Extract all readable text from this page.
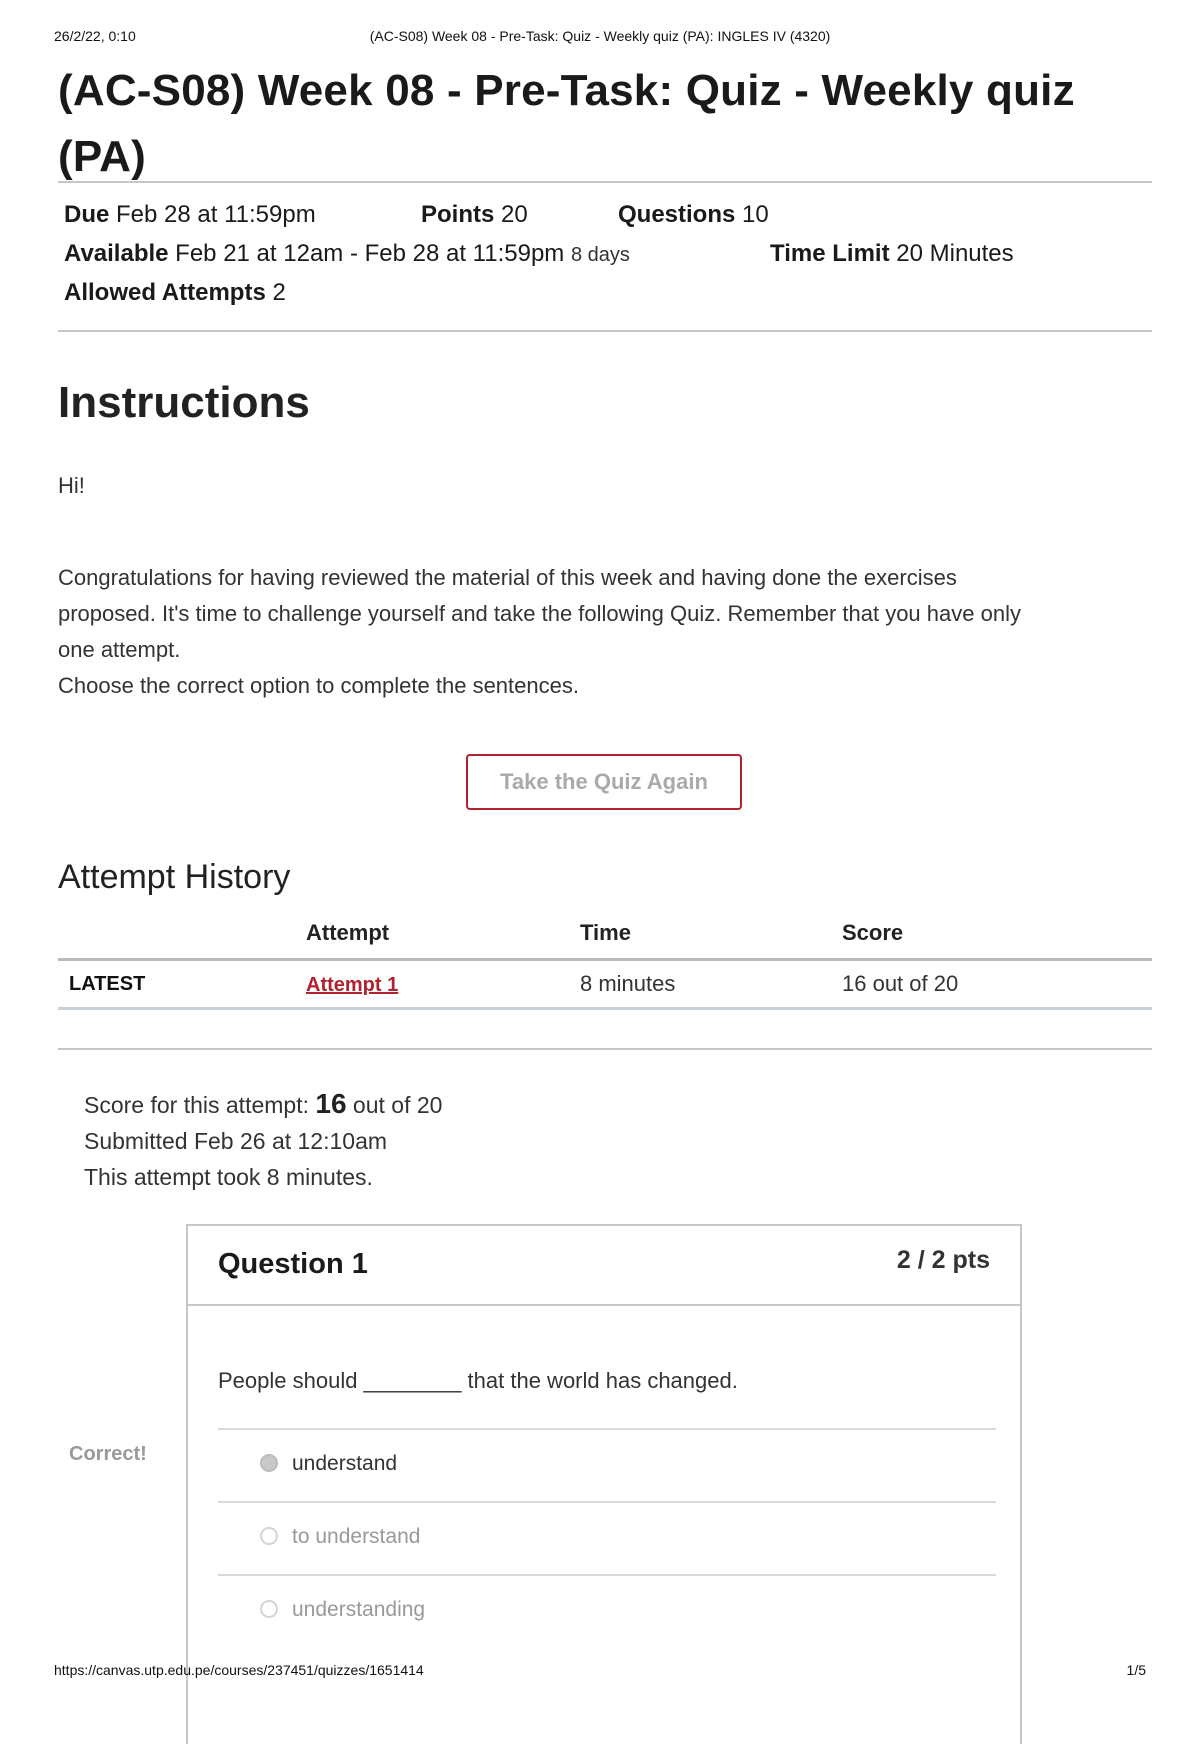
26/2/22, 0:10	(AC-S08) Week 08 - Pre-Task: Quiz - Weekly quiz (PA): INGLES IV (4320)
(AC-S08) Week 08 - Pre-Task: Quiz - Weekly quiz (PA)
Due Feb 28 at 11:59pm	Points 20	Questions 10
Available Feb 21 at 12am - Feb 28 at 11:59pm 8 days	Time Limit 20 Minutes
Allowed Attempts 2
Instructions
Hi!
Congratulations for having reviewed the material of this week and having done the exercises
proposed. It's time to challenge yourself and take the following Quiz. Remember that you have only
one attempt.
Choose the correct option to complete the sentences.
Take the Quiz Again
Attempt History
	Attempt	Time	Score
LATEST	Attempt 1	8 minutes	16 out of 20
Score for this attempt: 16 out of 20
Submitted Feb 26 at 12:10am
This attempt took 8 minutes.
Correct!
Question 1	2 / 2 pts
People should ________ that the world has changed.
understand
to understand
understanding
https://canvas.utp.edu.pe/courses/237451/quizzes/1651414	1/5
